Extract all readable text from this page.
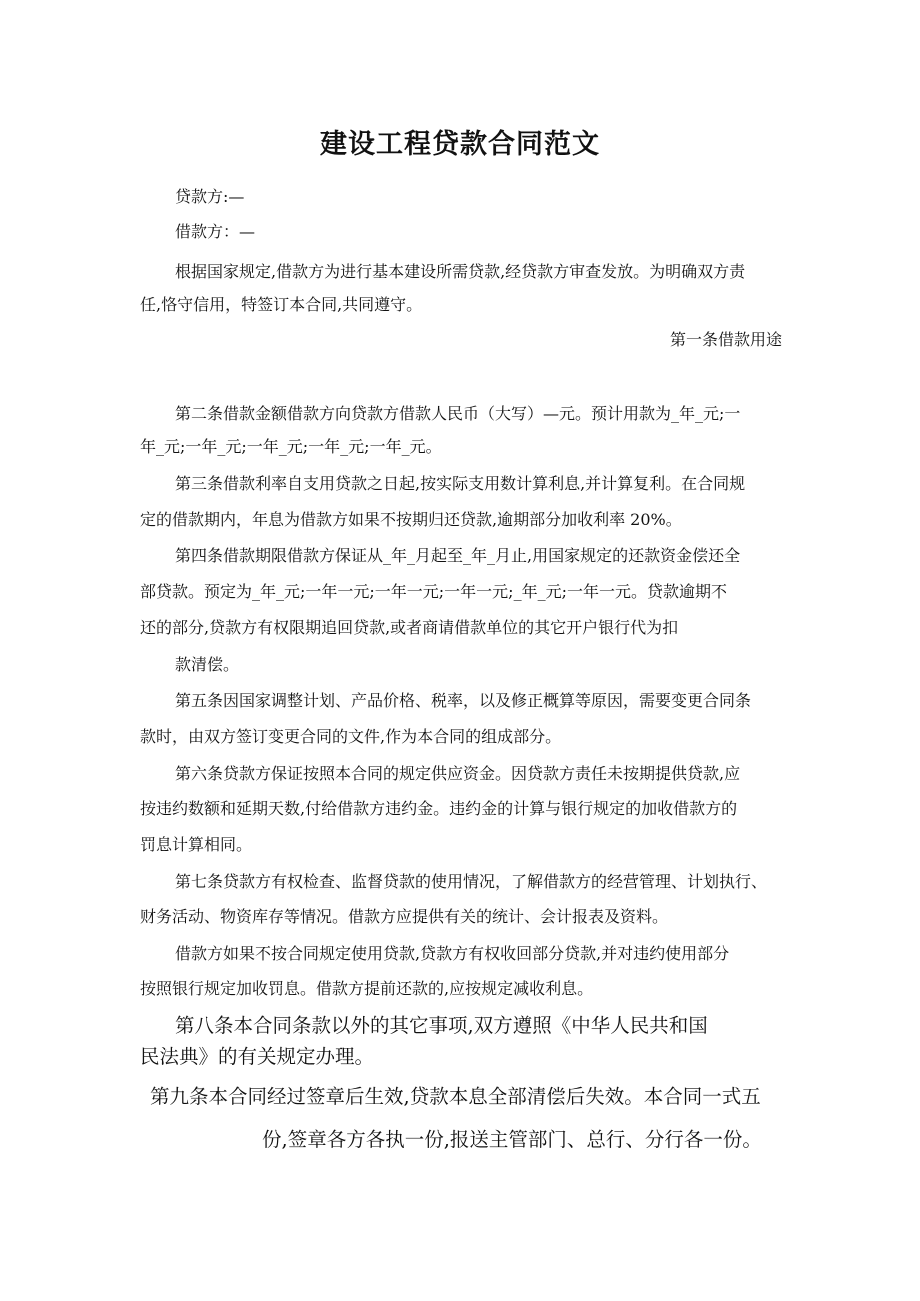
建设工程贷款合同范文

贷款方:—

借款方：—

根据国家规定,借款方为进行基本建设所需贷款,经贷款方审查发放。为明确双方责

任,恪守信用，特签订本合同,共同遵守。

第一条借款用途

第二条借款金额借款方向贷款方借款人民币（大写）—元。预计用款为_年_元;一

年_元;一年_元;一年_元;一年_元;一年_元。

第三条借款利率自支用贷款之日起,按实际支用数计算利息,并计算复利。在合同规

定的借款期内，年息为借款方如果不按期归还贷款,逾期部分加收利率 20%。

第四条借款期限借款方保证从_年_月起至_年_月止,用国家规定的还款资金偿还全

部贷款。预定为_年_元;一年一元;一年一元;一年一元;_年_元;一年一元。贷款逾期不

还的部分,贷款方有权限期追回贷款,或者商请借款单位的其它开户银行代为扣

款清偿。

第五条因国家调整计划、产品价格、税率，以及修正概算等原因，需要变更合同条

款时，由双方签订变更合同的文件,作为本合同的组成部分。

第六条贷款方保证按照本合同的规定供应资金。因贷款方责任未按期提供贷款,应

按违约数额和延期天数,付给借款方违约金。违约金的计算与银行规定的加收借款方的

罚息计算相同。

第七条贷款方有权检查、监督贷款的使用情况，了解借款方的经营管理、计划执行、

财务活动、物资库存等情况。借款方应提供有关的统计、会计报表及资料。

借款方如果不按合同规定使用贷款,贷款方有权收回部分贷款,并对违约使用部分

按照银行规定加收罚息。借款方提前还款的,应按规定减收利息。

第八条本合同条款以外的其它事项,双方遵照《中华人民共和国

民法典》的有关规定办理。

第九条本合同经过签章后生效,贷款本息全部清偿后失效。本合同一式五

份,签章各方各执一份,报送主管部门、总行、分行各一份。
